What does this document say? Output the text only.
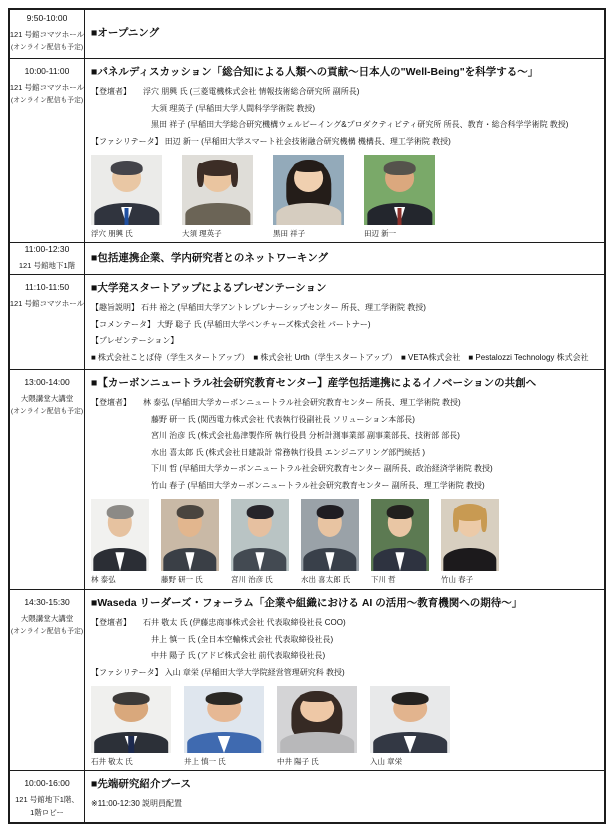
9:50-10:00
121 号館コマツホール
(オンライン配信も予定)
■オープニング
10:00-11:00
121 号館コマツホール
(オンライン配信も予定)
■パネルディスカッション「総合知による人類への貢献～日本人の"Well-Being"を科学する～」
【登壇者】 浮穴 朋興 氏 (三菱電機株式会社 情報技術総合研究所 副所長)
大須 理英子 (早稲田大学人間科学学術院 教授)
黒田 祥子 (早稲田大学総合研究機構ウェルビーイング&プロダクティビティ研究所 所長、教育・総合科学学術院 教授)
【ファシリテータ】 田辺 新一 (早稲田大学スマート社会技術融合研究機構 機構長、理工学術院 教授)
浮穴 朋興 氏	大須 理英子	黒田 祥子	田辺 新一
11:00-12:30
121 号館地下1階
■包括連携企業、学内研究者とのネットワーキング
11:10-11:50
121 号館コマツホール
■大学発スタートアップによるプレゼンテーション
【趣旨説明】 石井 裕之 (早稲田大学アントレプレナーシップセンター 所長、理工学術院 教授)
【コメンテータ】 大野 聡子 氏 (早稲田大学ベンチャーズ株式会社 パートナー)
【プレゼンテーション】
■ 株式会社ことば侍（学生スタートアップ）　■ 株式会社 Urth（学生スタートアップ）　■ VETA株式会社　■ Pestalozzi Technology 株式会社
13:00-14:00
大隈講堂大講堂
(オンライン配信も予定)
■【カーボンニュートラル社会研究教育センター】産学包括連携によるイノベーションの共創へ
【登壇者】 林 泰弘 (早稲田大学カーボンニュートラル社会研究教育センター 所長、理工学術院 教授)
藤野 研一 氏 (関西電力株式会社 代表執行役副社長 ソリューション本部長)
宮川 治彦 氏 (株式会社島津製作所 執行役員 分析計測事業部 副事業部長、技術部 部長)
水出 喜太郎 氏 (株式会社日建設計 常務執行役員 エンジニアリング部門統括 )
下川 哲 (早稲田大学カーボンニュートラル社会研究教育センター 副所長、政治経済学術院 教授)
竹山 春子 (早稲田大学カーボンニュートラル社会研究教育センター 副所長、理工学術院 教授)
林 泰弘	藤野 研一 氏	宮川 治彦 氏	水出 喜太郎 氏	下川 哲	竹山 春子
14:30-15:30
大隈講堂大講堂
(オンライン配信も予定)
■Waseda リーダーズ・フォーラム「企業や組織における AI の活用～教育機関への期待～」
【登壇者】 石井 敬太 氏 (伊藤忠商事株式会社 代表取締役社長 COO)
井上 慎一 氏 (全日本空輸株式会社 代表取締役社長)
中井 陽子 氏 (アドビ株式会社 前代表取締役社長)
【ファシリテータ】 入山 章栄 (早稲田大学大学院経営管理研究科 教授)
石井 敬太 氏	井上 慎一 氏	中井 陽子 氏	入山 章栄
10:00-16:00
121 号館地下1階、
1階ロビー
■先端研究紹介ブース
※11:00-12:30 説明員配置
